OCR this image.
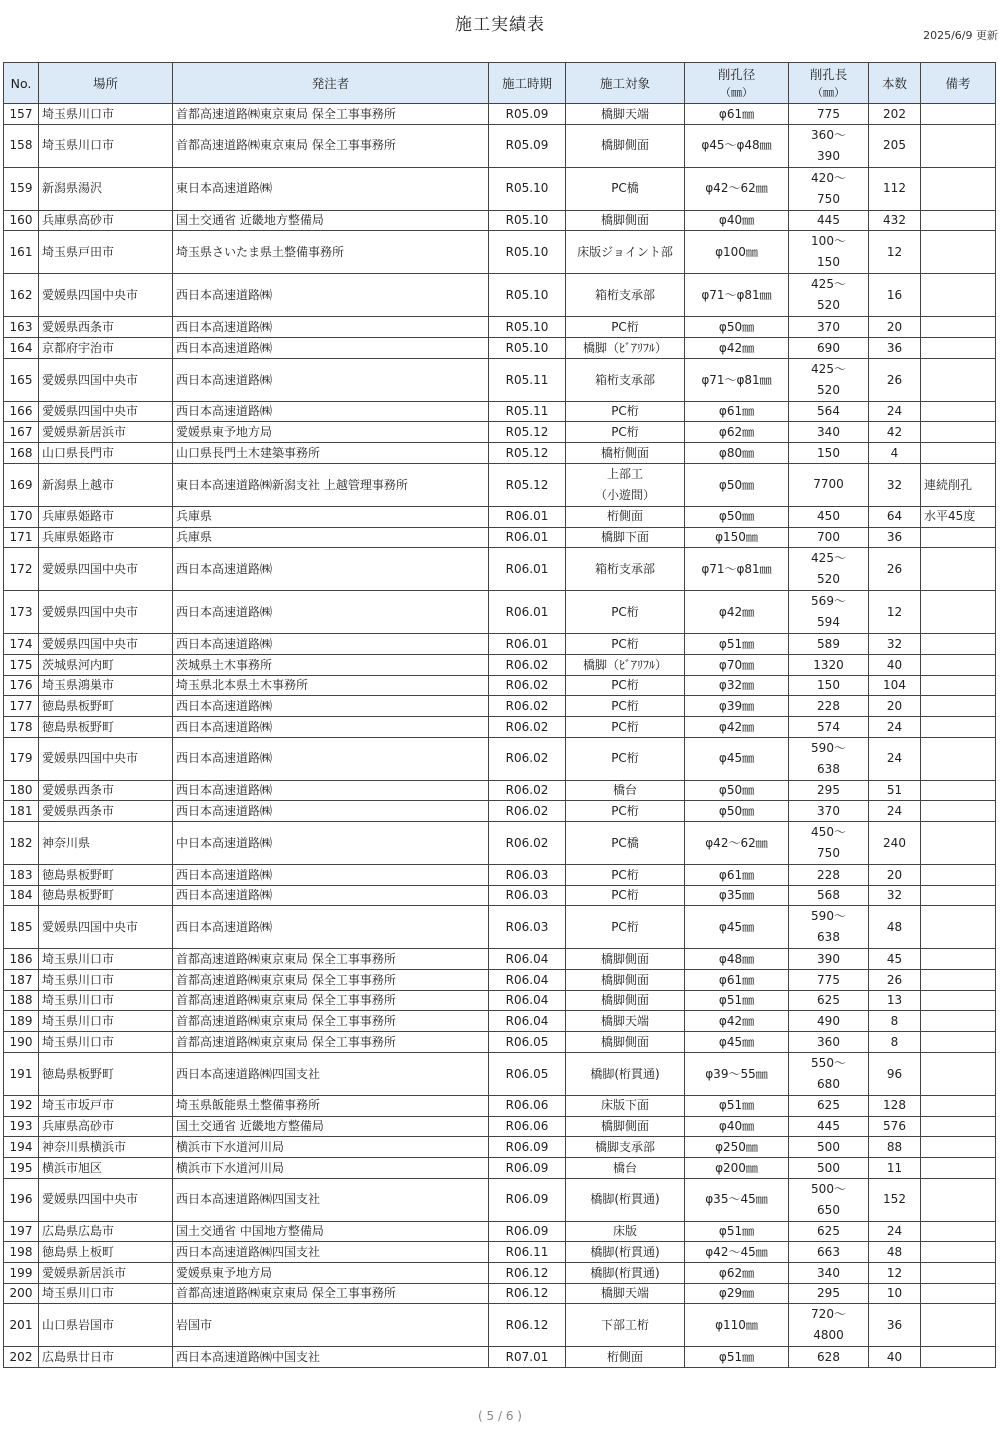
施工実績表
2025/6/9 更新
No.	場所	発注者	施工時期	施工対象	削孔径
（㎜）	削孔長
（㎜）	本数	備考
157	埼玉県川口市	首都高速道路㈱東京東局 保全工事事務所	R05.09	橋脚天端	φ61㎜	775	202	
158	埼玉県川口市	首都高速道路㈱東京東局 保全工事事務所	R05.09	橋脚側面	φ45～φ48㎜	360～
390	205	
159	新潟県湯沢	東日本高速道路㈱	R05.10	PC橋	φ42～62㎜	420～
750	112	
160	兵庫県高砂市	国土交通省 近畿地方整備局	R05.10	橋脚側面	φ40㎜	445	432	
161	埼玉県戸田市	埼玉県さいたま県土整備事務所	R05.10	床版ジョイント部	φ100㎜	100～
150	12	
162	愛媛県四国中央市	西日本高速道路㈱	R05.10	箱桁支承部	φ71～φ81㎜	425～
520	16	
163	愛媛県西条市	西日本高速道路㈱	R05.10	PC桁	φ50㎜	370	20	
164	京都府宇治市	西日本高速道路㈱	R05.10	橋脚（ﾋﾞｱﾘﾌﾙ）	φ42㎜	690	36	
165	愛媛県四国中央市	西日本高速道路㈱	R05.11	箱桁支承部	φ71～φ81㎜	425～
520	26	
166	愛媛県四国中央市	西日本高速道路㈱	R05.11	PC桁	φ61㎜	564	24	
167	愛媛県新居浜市	愛媛県東予地方局	R05.12	PC桁	φ62㎜	340	42	
168	山口県長門市	山口県長門土木建築事務所	R05.12	橋桁側面	φ80㎜	150	4	
169	新潟県上越市	東日本高速道路㈱新潟支社 上越管理事務所	R05.12	上部工
（小遊間）	φ50㎜	7700	32	連続削孔
170	兵庫県姫路市	兵庫県	R06.01	桁側面	φ50㎜	450	64	水平45度
171	兵庫県姫路市	兵庫県	R06.01	橋脚下面	φ150㎜	700	36	
172	愛媛県四国中央市	西日本高速道路㈱	R06.01	箱桁支承部	φ71～φ81㎜	425～
520	26	
173	愛媛県四国中央市	西日本高速道路㈱	R06.01	PC桁	φ42㎜	569～
594	12	
174	愛媛県四国中央市	西日本高速道路㈱	R06.01	PC桁	φ51㎜	589	32	
175	茨城県河内町	茨城県土木事務所	R06.02	橋脚（ﾋﾞｱﾘﾌﾙ）	φ70㎜	1320	40	
176	埼玉県鴻巣市	埼玉県北本県土木事務所	R06.02	PC桁	φ32㎜	150	104	
177	徳島県板野町	西日本高速道路㈱	R06.02	PC桁	φ39㎜	228	20	
178	徳島県板野町	西日本高速道路㈱	R06.02	PC桁	φ42㎜	574	24	
179	愛媛県四国中央市	西日本高速道路㈱	R06.02	PC桁	φ45㎜	590～
638	24	
180	愛媛県西条市	西日本高速道路㈱	R06.02	橋台	φ50㎜	295	51	
181	愛媛県西条市	西日本高速道路㈱	R06.02	PC桁	φ50㎜	370	24	
182	神奈川県	中日本高速道路㈱	R06.02	PC橋	φ42～62㎜	450～
750	240	
183	徳島県板野町	西日本高速道路㈱	R06.03	PC桁	φ61㎜	228	20	
184	徳島県板野町	西日本高速道路㈱	R06.03	PC桁	φ35㎜	568	32	
185	愛媛県四国中央市	西日本高速道路㈱	R06.03	PC桁	φ45㎜	590～
638	48	
186	埼玉県川口市	首都高速道路㈱東京東局 保全工事事務所	R06.04	橋脚側面	φ48㎜	390	45	
187	埼玉県川口市	首都高速道路㈱東京東局 保全工事事務所	R06.04	橋脚側面	φ61㎜	775	26	
188	埼玉県川口市	首都高速道路㈱東京東局 保全工事事務所	R06.04	橋脚側面	φ51㎜	625	13	
189	埼玉県川口市	首都高速道路㈱東京東局 保全工事事務所	R06.04	橋脚天端	φ42㎜	490	8	
190	埼玉県川口市	首都高速道路㈱東京東局 保全工事事務所	R06.05	橋脚側面	φ45㎜	360	8	
191	徳島県板野町	西日本高速道路㈱四国支社	R06.05	橋脚(桁貫通)	φ39～55㎜	550～
680	96	
192	埼玉市坂戸市	埼玉県飯能県土整備事務所	R06.06	床版下面	φ51㎜	625	128	
193	兵庫県高砂市	国土交通省 近畿地方整備局	R06.06	橋脚側面	φ40㎜	445	576	
194	神奈川県横浜市	横浜市下水道河川局	R06.09	橋脚支承部	φ250㎜	500	88	
195	横浜市旭区	横浜市下水道河川局	R06.09	橋台	φ200㎜	500	11	
196	愛媛県四国中央市	西日本高速道路㈱四国支社	R06.09	橋脚(桁貫通)	φ35～45㎜	500～
650	152	
197	広島県広島市	国土交通省 中国地方整備局	R06.09	床版	φ51㎜	625	24	
198	徳島県上板町	西日本高速道路㈱四国支社	R06.11	橋脚(桁貫通)	φ42～45㎜	663	48	
199	愛媛県新居浜市	愛媛県東予地方局	R06.12	橋脚(桁貫通)	φ62㎜	340	12	
200	埼玉県川口市	首都高速道路㈱東京東局 保全工事事務所	R06.12	橋脚天端	φ29㎜	295	10	
201	山口県岩国市	岩国市	R06.12	下部工桁	φ110㎜	720～
4800	36	
202	広島県廿日市	西日本高速道路㈱中国支社	R07.01	桁側面	φ51㎜	628	40	
( 5 / 6 )
